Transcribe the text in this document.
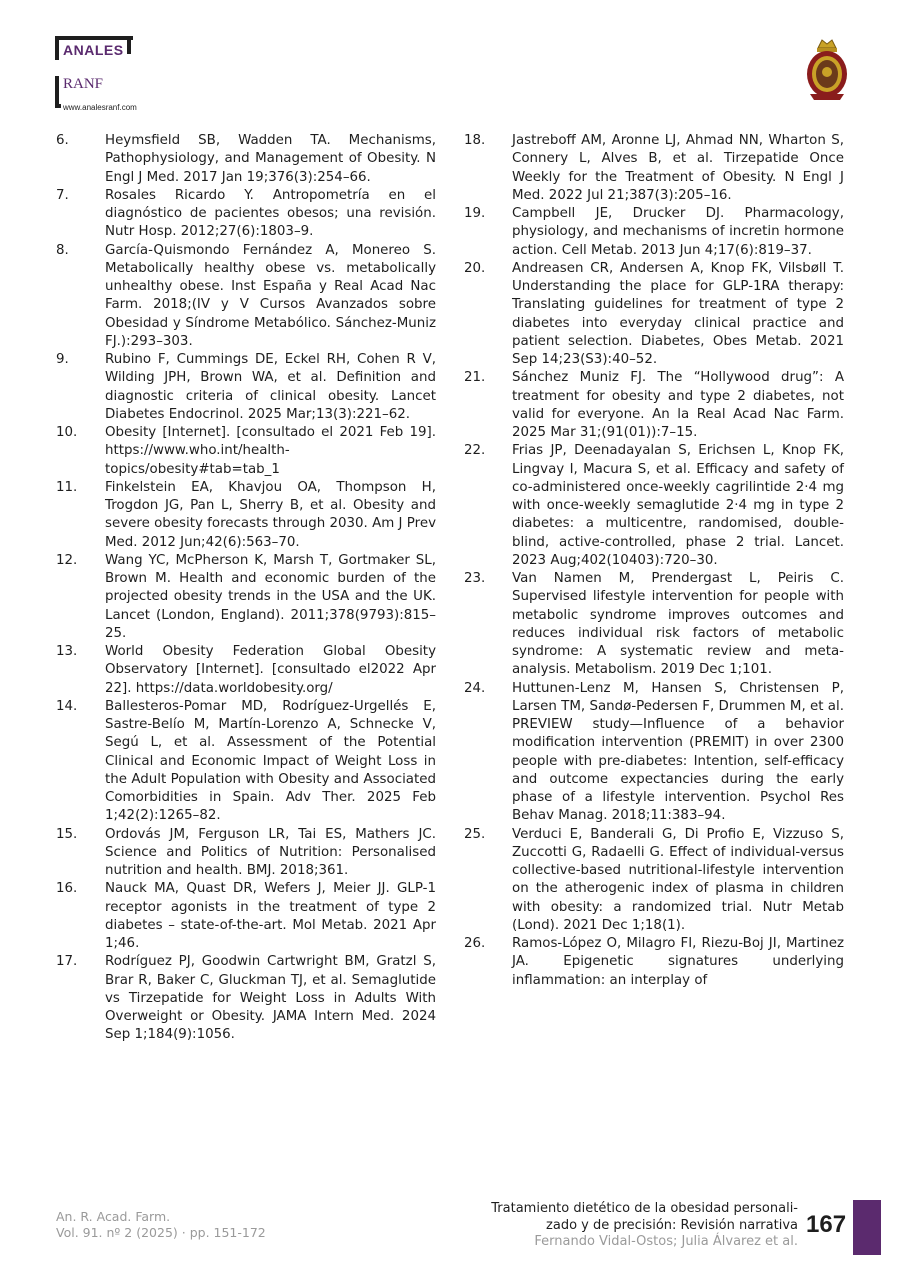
ANALES
RANF
www.analesranf.com
6.	Heymsfield SB, Wadden TA. Mechanisms, Pathophysiology, and Management of Obesity. N Engl J Med. 2017 Jan 19;376(3):254–66.
7.	Rosales Ricardo Y. Antropometría en el diagnóstico de pacientes obesos; una revisión. Nutr Hosp. 2012;27(6):1803–9.
8.	García-Quismondo Fernández A, Monereo S. Metabolically healthy obese vs. metabolically unhealthy obese. Inst España y Real Acad Nac Farm. 2018;(IV y V Cursos Avanzados sobre Obesidad y Síndrome Metabólico. Sánchez-Muniz FJ.):293–303.
9.	Rubino F, Cummings DE, Eckel RH, Cohen R V, Wilding JPH, Brown WA, et al. Definition and diagnostic criteria of clinical obesity. Lancet Diabetes Endocrinol. 2025 Mar;13(3):221–62.
10. Obesity [Internet]. [consultado el 2021 Feb 19]. https://www.who.int/health-topics/obesity#tab=tab_1
11. Finkelstein EA, Khavjou OA, Thompson H, Trogdon JG, Pan L, Sherry B, et al. Obesity and severe obesity forecasts through 2030. Am J Prev Med. 2012 Jun;42(6):563–70.
12. Wang YC, McPherson K, Marsh T, Gortmaker SL, Brown M. Health and economic burden of the projected obesity trends in the USA and the UK. Lancet (London, England). 2011;378(9793):815–25.
13. World Obesity Federation Global Obesity Observatory [Internet]. [consultado el2022 Apr 22]. https://data.worldobesity.org/
14. Ballesteros-Pomar MD, Rodríguez-Urgellés E, Sastre-Belío M, Martín-Lorenzo A, Schnecke V, Segú L, et al. Assessment of the Potential Clinical and Economic Impact of Weight Loss in the Adult Population with Obesity and Associated Comorbidities in Spain. Adv Ther. 2025 Feb 1;42(2):1265–82.
15. Ordovás JM, Ferguson LR, Tai ES, Mathers JC. Science and Politics of Nutrition: Personalised nutrition and health. BMJ. 2018;361.
16. Nauck MA, Quast DR, Wefers J, Meier JJ. GLP-1 receptor agonists in the treatment of type 2 diabetes – state-of-the-art. Mol Metab. 2021 Apr 1;46.
17. Rodríguez PJ, Goodwin Cartwright BM, Gratzl S, Brar R, Baker C, Gluckman TJ, et al. Semaglutide vs Tirzepatide for Weight Loss in Adults With Overweight or Obesity. JAMA Intern Med. 2024 Sep 1;184(9):1056.
18. Jastreboff AM, Aronne LJ, Ahmad NN, Wharton S, Connery L, Alves B, et al. Tirzepatide Once Weekly for the Treatment of Obesity. N Engl J Med. 2022 Jul 21;387(3):205–16.
19. Campbell JE, Drucker DJ. Pharmacology, physiology, and mechanisms of incretin hormone action. Cell Metab. 2013 Jun 4;17(6):819–37.
20. Andreasen CR, Andersen A, Knop FK, Vilsbøll T. Understanding the place for GLP-1RA therapy: Translating guidelines for treatment of type 2 diabetes into everyday clinical practice and patient selection. Diabetes, Obes Metab. 2021 Sep 14;23(S3):40–52.
21. Sánchez Muniz FJ. The “Hollywood drug”: A treatment for obesity and type 2 diabetes, not valid for everyone. An la Real Acad Nac Farm. 2025 Mar 31;(91(01)):7–15.
22. Frias JP, Deenadayalan S, Erichsen L, Knop FK, Lingvay I, Macura S, et al. Efficacy and safety of co-administered once-weekly cagrilintide 2·4 mg with once-weekly semaglutide 2·4 mg in type 2 diabetes: a multicentre, randomised, double-blind, active-controlled, phase 2 trial. Lancet. 2023 Aug;402(10403):720–30.
23. Van Namen M, Prendergast L, Peiris C. Supervised lifestyle intervention for people with metabolic syndrome improves outcomes and reduces individual risk factors of metabolic syndrome: A systematic review and meta-analysis. Metabolism. 2019 Dec 1;101.
24. Huttunen-Lenz M, Hansen S, Christensen P, Larsen TM, Sandø-Pedersen F, Drummen M, et al. PREVIEW study—Influence of a behavior modification intervention (PREMIT) in over 2300 people with pre-diabetes: Intention, self-efficacy and outcome expectancies during the early phase of a lifestyle intervention. Psychol Res Behav Manag. 2018;11:383–94.
25. Verduci E, Banderali G, Di Profio E, Vizzuso S, Zuccotti G, Radaelli G. Effect of individual-versus collective-based nutritional-lifestyle intervention on the atherogenic index of plasma in children with obesity: a randomized trial. Nutr Metab (Lond). 2021 Dec 1;18(1).
26. Ramos-López O, Milagro FI, Riezu-Boj JI, Martinez JA. Epigenetic signatures underlying inflammation: an interplay of
An. R. Acad. Farm.
Vol. 91. nº 2 (2025) · pp. 151-172
Tratamiento dietético de la obesidad personali-
zado y de precisión: Revisión narrativa
Fernando Vidal-Ostos; Julia Álvarez et al.
167
